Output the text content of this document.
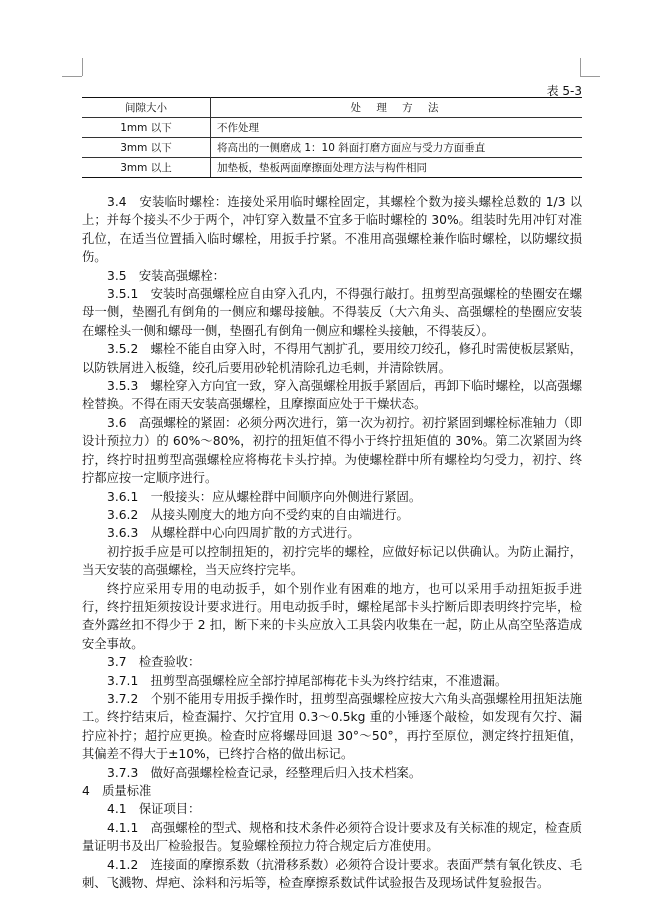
表 5-3
间隙大小	处 理 方 法
1mm 以下	不作处理
3mm 以下	将高出的一侧磨成 1：10 斜面打磨方面应与受力方面垂直
3mm 以上	加垫板，垫板两面摩擦面处理方法与构件相同

3.4　安装临时螺栓：连接处采用临时螺栓固定，其螺栓个数为接头螺栓总数的 1/3 以上；并每个接头不少于两个，冲钉穿入数量不宜多于临时螺栓的 30%。组装时先用冲钉对准孔位，在适当位置插入临时螺栓，用扳手拧紧。不准用高强螺栓兼作临时螺栓，以防螺纹损伤。

3.5　安装高强螺栓：

3.5.1　安装时高强螺栓应自由穿入孔内，不得强行敲打。扭剪型高强螺栓的垫圈安在螺母一侧，垫圈孔有倒角的一侧应和螺母接触。不得装反（大六角头、高强螺栓的垫圈应安装在螺栓头一侧和螺母一侧，垫圈孔有倒角一侧应和螺栓头接触，不得装反）。

3.5.2　螺栓不能自由穿入时，不得用气割扩孔，要用绞刀绞孔，修孔时需使板层紧贴，以防铁屑进入板缝，绞孔后要用砂轮机清除孔边毛刺，并清除铁屑。

3.5.3　螺栓穿入方向宜一致，穿入高强螺栓用扳手紧固后，再卸下临时螺栓，以高强螺栓替换。不得在雨天安装高强螺栓，且摩擦面应处于干燥状态。

3.6　高强螺栓的紧固：必须分两次进行，第一次为初拧。初拧紧固到螺栓标准轴力（即设计预拉力）的 60%～80%，初拧的扭矩值不得小于终拧扭矩值的 30%。第二次紧固为终拧，终拧时扭剪型高强螺栓应将梅花卡头拧掉。为使螺栓群中所有螺栓均匀受力，初拧、终拧都应按一定顺序进行。

3.6.1　一般接头：应从螺栓群中间顺序向外侧进行紧固。

3.6.2　从接头刚度大的地方向不受约束的自由端进行。

3.6.3　从螺栓群中心向四周扩散的方式进行。

初拧扳手应是可以控制扭矩的，初拧完毕的螺栓，应做好标记以供确认。为防止漏拧，当天安装的高强螺栓，当天应终拧完毕。

终拧应采用专用的电动扳手，如个别作业有困难的地方，也可以采用手动扭矩扳手进行，终拧扭矩须按设计要求进行。用电动扳手时，螺栓尾部卡头拧断后即表明终拧完毕，检查外露丝扣不得少于 2 扣，断下来的卡头应放入工具袋内收集在一起，防止从高空坠落造成安全事故。

3.7　检查验收：

3.7.1　扭剪型高强螺栓应全部拧掉尾部梅花卡头为终拧结束，不准遗漏。

3.7.2　个别不能用专用扳手操作时，扭剪型高强螺栓应按大六角头高强螺栓用扭矩法施工。终拧结束后，检查漏拧、欠拧宜用 0.3～0.5kg 重的小锤逐个敲检，如发现有欠拧、漏拧应补拧；超拧应更换。检查时应将螺母回退 30°～50°，再拧至原位，测定终拧扭矩值，其偏差不得大于±10%，已终拧合格的做出标记。

3.7.3　做好高强螺栓检查记录，经整理后归入技术档案。

4　质量标准

4.1　保证项目：

4.1.1　高强螺栓的型式、规格和技术条件必须符合设计要求及有关标准的规定，检查质量证明书及出厂检验报告。复验螺栓预拉力符合规定后方准使用。

4.1.2　连接面的摩擦系数（抗滑移系数）必须符合设计要求。表面严禁有氧化铁皮、毛刺、飞溅物、焊疤、涂料和污垢等，检查摩擦系数试件试验报告及现场试件复验报告。
